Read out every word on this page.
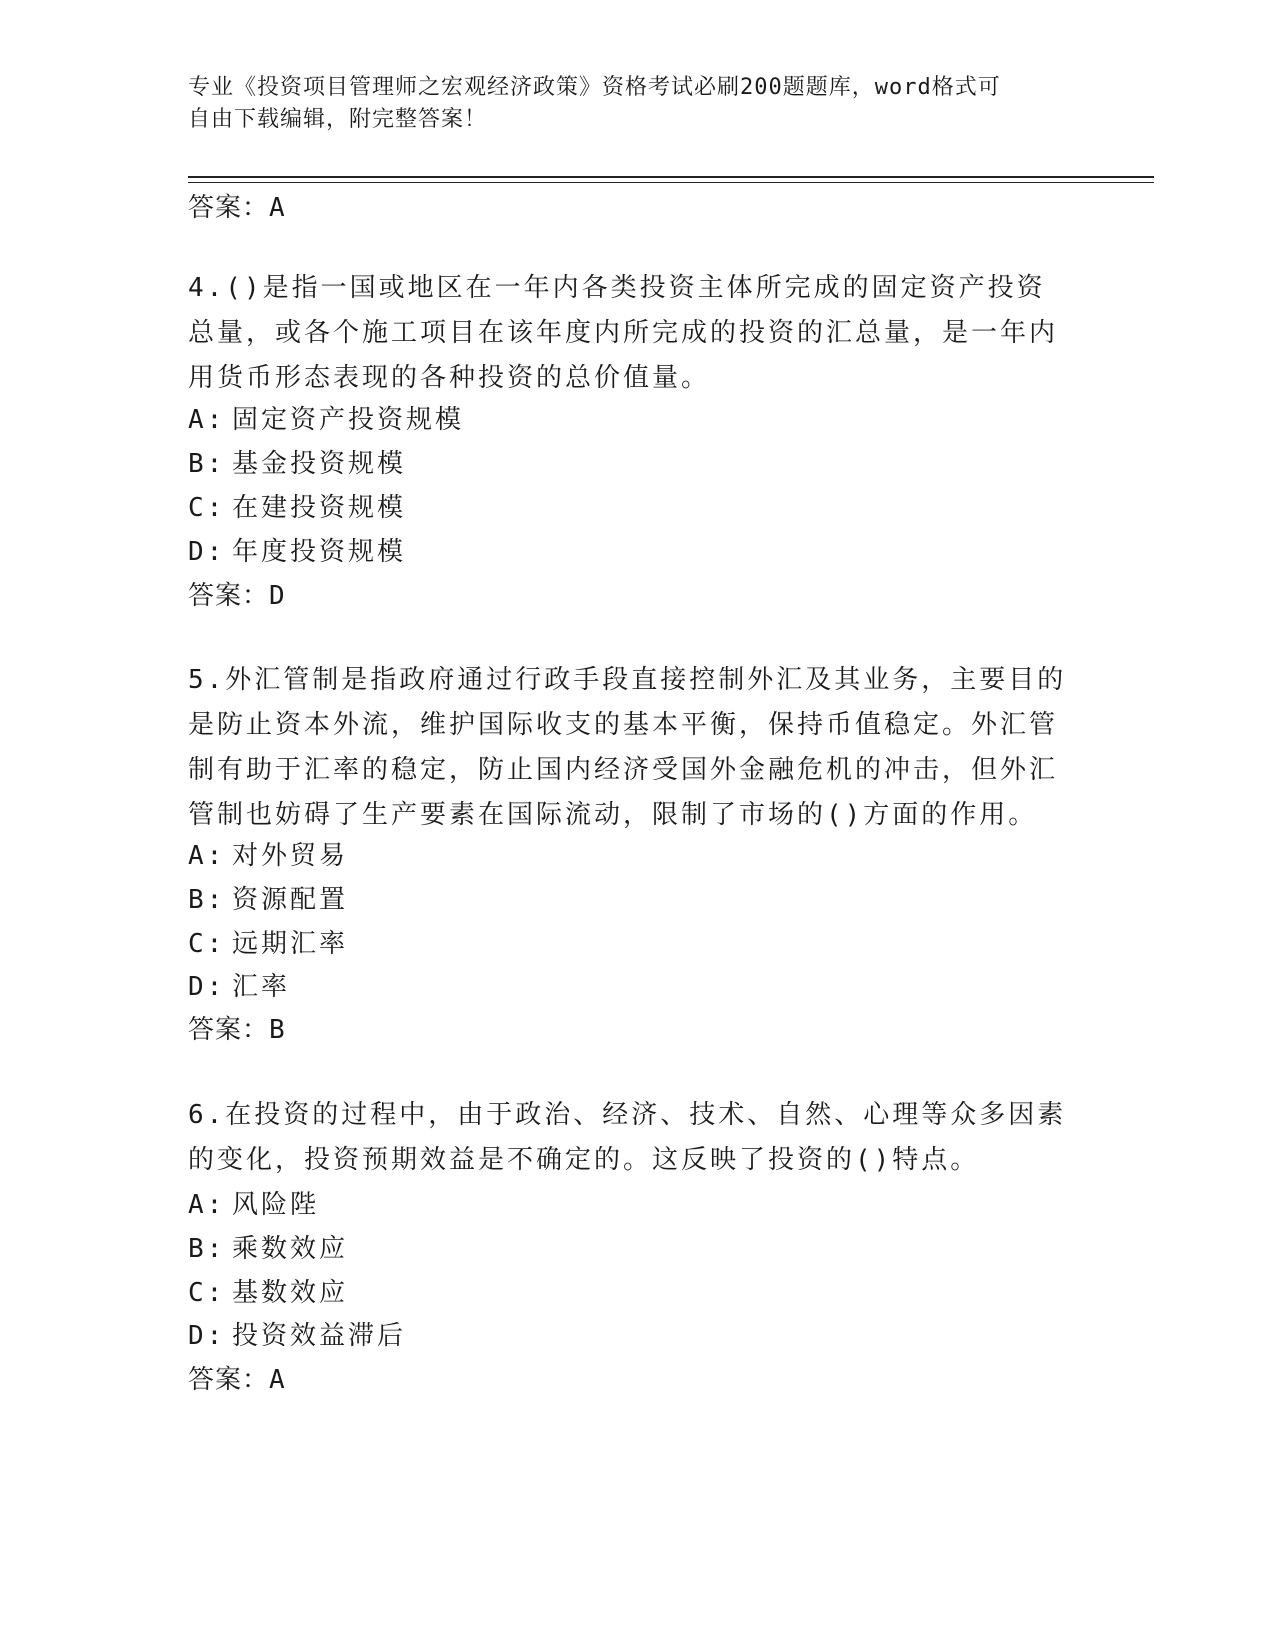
专业《投资项目管理师之宏观经济政策》资格考试必刷200题题库，word格式可
自由下载编辑，附完整答案！
答案：A
4.()是指一国或地区在一年内各类投资主体所完成的固定资产投资总量，或各个施工项目在该年度内所完成的投资的汇总量，是一年内用货币形态表现的各种投资的总价值量。
A: 固定资产投资规模
B: 基金投资规模
C: 在建投资规模
D: 年度投资规模
答案：D
5.外汇管制是指政府通过行政手段直接控制外汇及其业务，主要目的是防止资本外流，维护国际收支的基本平衡，保持币值稳定。外汇管制有助于汇率的稳定，防止国内经济受国外金融危机的冲击，但外汇管制也妨碍了生产要素在国际流动，限制了市场的()方面的作用。
A: 对外贸易
B: 资源配置
C: 远期汇率
D: 汇率
答案：B
6.在投资的过程中，由于政治、经济、技术、自然、心理等众多因素的变化，投资预期效益是不确定的。这反映了投资的()特点。
A: 风险陛
B: 乘数效应
C: 基数效应
D: 投资效益滞后
答案：A
